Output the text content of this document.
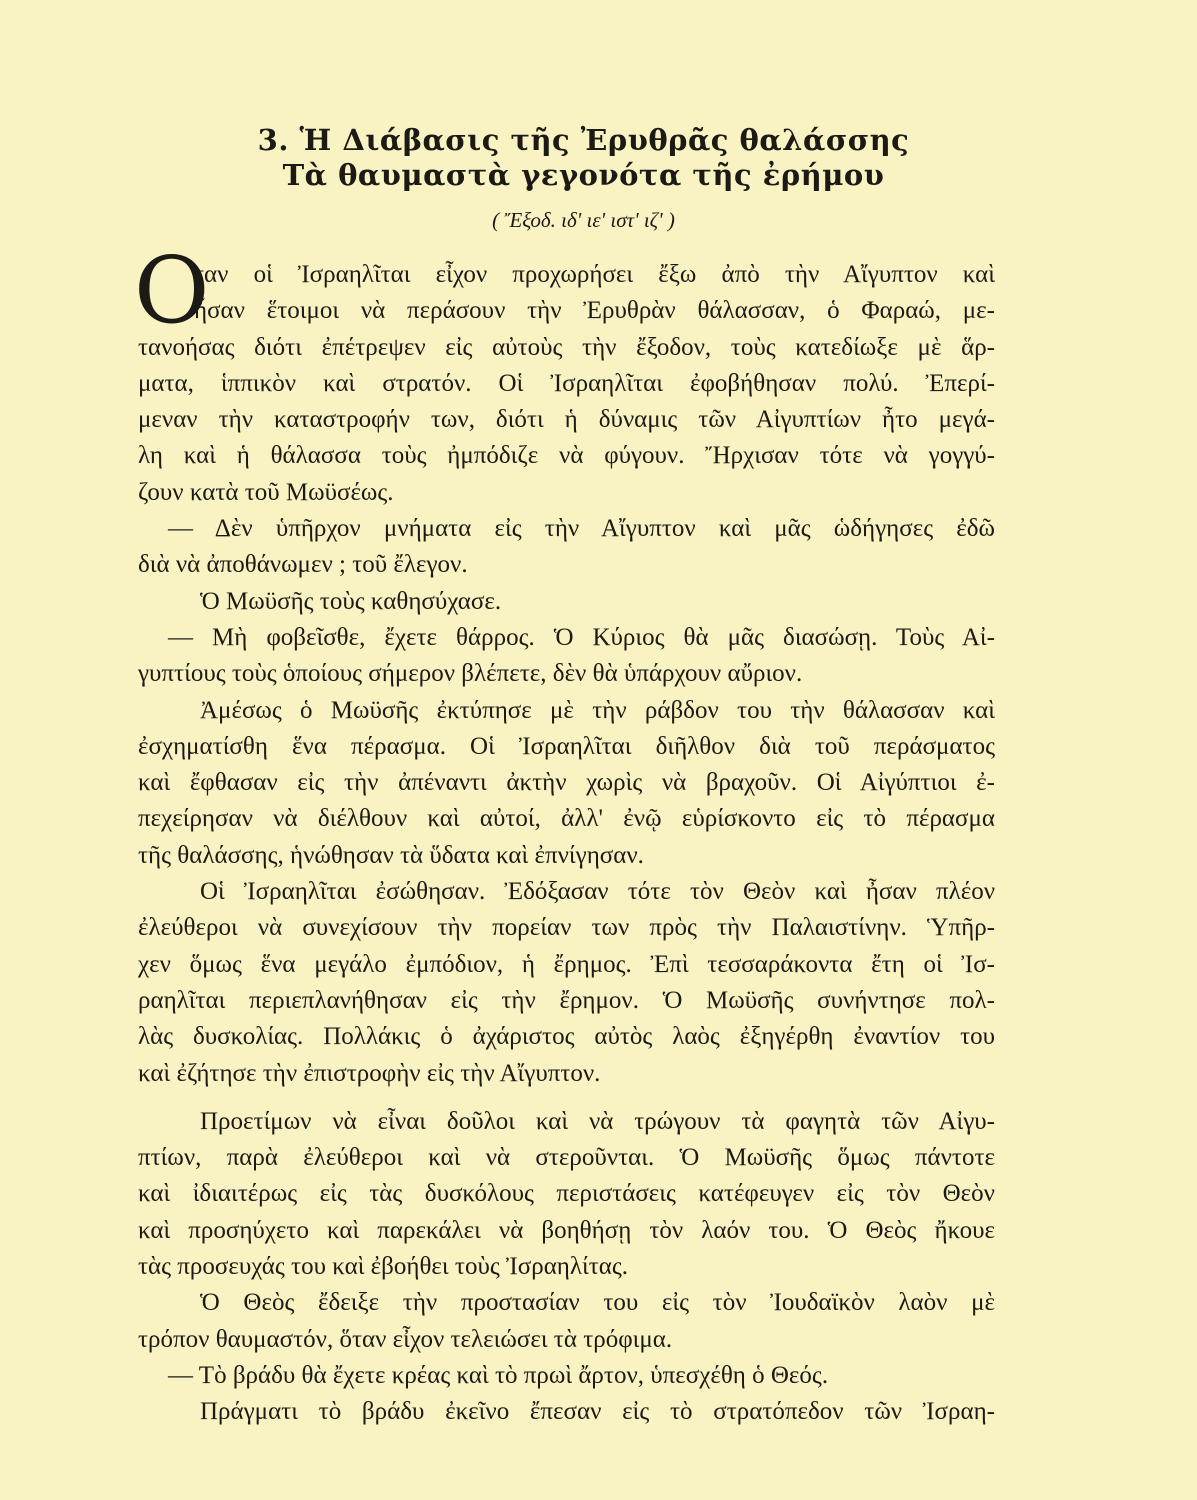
3. Ἡ Διάβασις τῆς Ἐρυθρᾶς θαλάσσης
Τὰ θαυμαστὰ γεγονότα τῆς ἐρήμου
( Ἔξοδ. ιδ' ιε' ιστ' ιζ' )
Ο
ταν οἱ Ἰσραηλῖται εἶχον προχωρήσει ἔξω ἀπὸ τὴν Αἴγυπτον καὶ
ἦσαν ἕτοιμοι νὰ περάσουν τὴν Ἐρυθρὰν θάλασσαν, ὁ Φαραώ, με-
τανοήσας διότι ἐπέτρεψεν εἰς αὐτοὺς τὴν ἔξοδον, τοὺς κατεδίωξε μὲ ἅρ-
ματα, ἱππικὸν καὶ στρατόν. Οἱ Ἰσραηλῖται ἐφοβήθησαν πολύ. Ἐπερί-
μεναν τὴν καταστροφήν των, διότι ἡ δύναμις τῶν Αἰγυπτίων ἦτο μεγά-
λη καὶ ἡ θάλασσα τοὺς ἠμπόδιζε νὰ φύγουν. Ἤρχισαν τότε νὰ γογγύ-
ζουν κατὰ τοῦ Μωϋσέως.
— Δὲν ὑπῆρχον μνήματα εἰς τὴν Αἴγυπτον καὶ μᾶς ὡδήγησες ἐδῶ
διὰ νὰ ἀποθάνωμεν ; τοῦ ἔλεγον.
Ὁ Μωϋσῆς τοὺς καθησύχασε.
— Μὴ φοβεῖσθε, ἔχετε θάρρος. Ὁ Κύριος θὰ μᾶς διασώσῃ. Τοὺς Αἰ-
γυπτίους τοὺς ὁποίους σήμερον βλέπετε, δὲν θὰ ὑπάρχουν αὔριον.
Ἀμέσως ὁ Μωϋσῆς ἐκτύπησε μὲ τὴν ράβδον του τὴν θάλασσαν καὶ
ἐσχηματίσθη ἕνα πέρασμα. Οἱ Ἰσραηλῖται διῆλθον διὰ τοῦ περάσματος
καὶ ἔφθασαν εἰς τὴν ἀπέναντι ἀκτὴν χωρὶς νὰ βραχοῦν. Οἱ Αἰγύπτιοι ἐ-
πεχείρησαν νὰ διέλθουν καὶ αὐτοί, ἀλλ' ἐνῷ εὑρίσκοντο εἰς τὸ πέρασμα
τῆς θαλάσσης, ἡνώθησαν τὰ ὕδατα καὶ ἐπνίγησαν.
Οἱ Ἰσραηλῖται ἐσώθησαν. Ἐδόξασαν τότε τὸν Θεὸν καὶ ἦσαν πλέον
ἐλεύθεροι νὰ συνεχίσουν τὴν πορείαν των πρὸς τὴν Παλαιστίνην. Ὑπῆρ-
χεν ὅμως ἕνα μεγάλο ἐμπόδιον, ἡ ἔρημος. Ἐπὶ τεσσαράκοντα ἔτη οἱ Ἰσ-
ραηλῖται περιεπλανήθησαν εἰς τὴν ἔρημον. Ὁ Μωϋσῆς συνήντησε πολ-
λὰς δυσκολίας. Πολλάκις ὁ ἀχάριστος αὐτὸς λαὸς ἐξηγέρθη ἐναντίον του
καὶ ἐζήτησε τὴν ἐπιστροφὴν εἰς τὴν Αἴγυπτον.
Προετίμων νὰ εἶναι δοῦλοι καὶ νὰ τρώγουν τὰ φαγητὰ τῶν Αἰγυ-
πτίων, παρὰ ἐλεύθεροι καὶ νὰ στεροῦνται. Ὁ Μωϋσῆς ὅμως πάντοτε
καὶ ἰδιαιτέρως εἰς τὰς δυσκόλους περιστάσεις κατέφευγεν εἰς τὸν Θεὸν
καὶ προσηύχετο καὶ παρεκάλει νὰ βοηθήσῃ τὸν λαόν του. Ὁ Θεὸς ἤκουε
τὰς προσευχάς του καὶ ἐβοήθει τοὺς Ἰσραηλίτας.
Ὁ Θεὸς ἔδειξε τὴν προστασίαν του εἰς τὸν Ἰουδαϊκὸν λαὸν μὲ
τρόπον θαυμαστόν, ὅταν εἶχον τελειώσει τὰ τρόφιμα.
— Τὸ βράδυ θὰ ἔχετε κρέας καὶ τὸ πρωὶ ἄρτον, ὑπεσχέθη ὁ Θεός.
Πράγματι τὸ βράδυ ἐκεῖνο ἔπεσαν εἰς τὸ στρατόπεδον τῶν Ἰσραη-
